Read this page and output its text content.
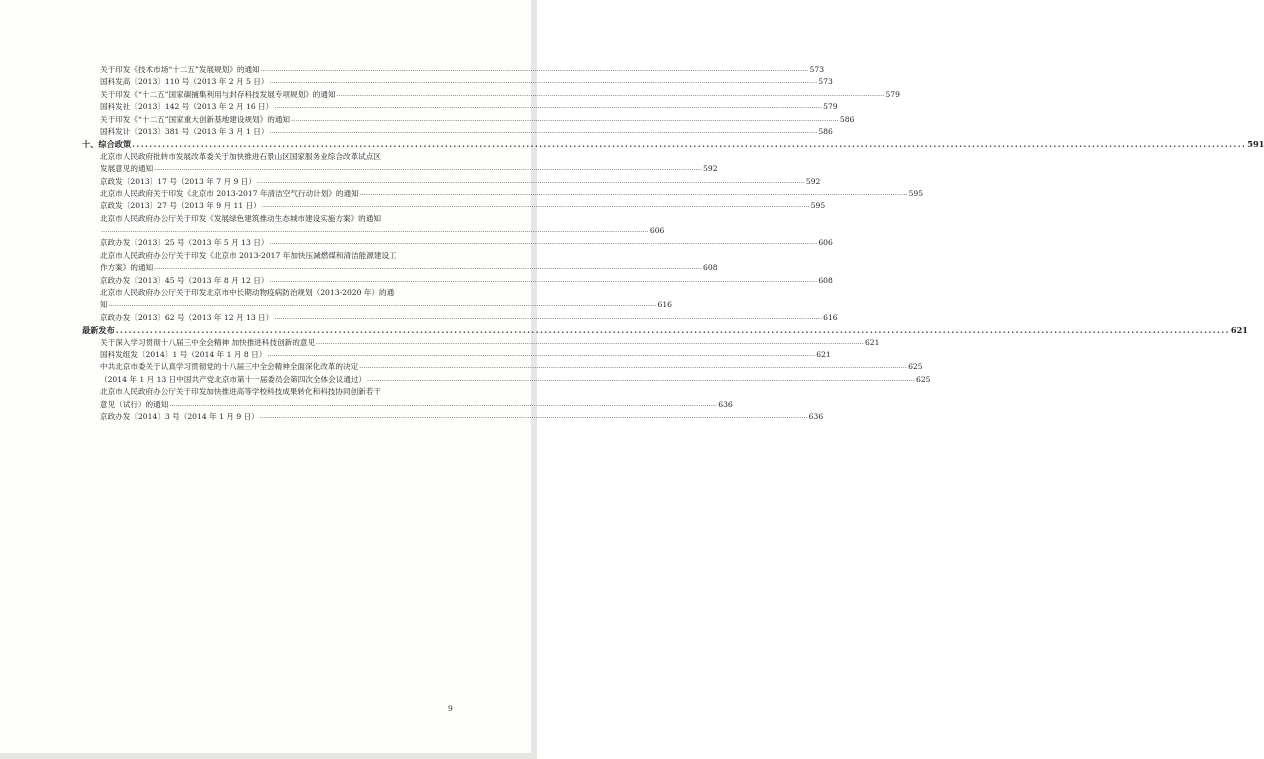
关于印发《技术市场“十二五”发展规划》的通知 .................................................................................................................................................................................................................................................................... 573
国科发高〔2013〕110 号（2013 年 2 月 5 日） .................................................................................................................................................................................................................................................................... 573
关于印发《“十二五”国家碳捕集利用与封存科技发展专项规划》的通知 .................................................................................................................................................................................................................................................................... 579
国科发社〔2013〕142 号（2013 年 2 月 16 日） .................................................................................................................................................................................................................................................................... 579
关于印发《“十二五”国家重大创新基地建设规划》的通知 .................................................................................................................................................................................................................................................................... 586
国科发计〔2013〕381 号（2013 年 3 月 1 日） .................................................................................................................................................................................................................................................................... 586
十、综合政策 .................................................................................................................................................................................................................................................................... 591
北京市人民政府批转市发展改革委关于加快推进石景山区国家服务业综合改革试点区
发展意见的通知 .................................................................................................................................................................................................................................................................... 592
京政发〔2013〕17 号（2013 年 7 月 9 日） .................................................................................................................................................................................................................................................................... 592
北京市人民政府关于印发《北京市 2013-2017 年清洁空气行动计划》的通知 .................................................................................................................................................................................................................................................................... 595
京政发〔2013〕27 号（2013 年 9 月 11 日） .................................................................................................................................................................................................................................................................... 595
北京市人民政府办公厅关于印发《发展绿色建筑推动生态城市建设实施方案》的通知
.................................................................................................................................................................................................................................................................... 606
京政办发〔2013〕25 号（2013 年 5 月 13 日） .................................................................................................................................................................................................................................................................... 606
北京市人民政府办公厅关于印发《北京市 2013-2017 年加快压减燃煤和清洁能源建设工
作方案》的通知 .................................................................................................................................................................................................................................................................... 608
京政办发〔2013〕45 号（2013 年 8 月 12 日） .................................................................................................................................................................................................................................................................... 608
北京市人民政府办公厅关于印发北京市中长期动物疫病防治规划（2013-2020 年）的通
知 .................................................................................................................................................................................................................................................................... 616
京政办发〔2013〕62 号（2013 年 12 月 13 日） .................................................................................................................................................................................................................................................................... 616
最新发布 .................................................................................................................................................................................................................................................................... 621
关于深入学习贯彻十八届三中全会精神 加快推进科技创新的意见 .................................................................................................................................................................................................................................................................... 621
国科发组发〔2014〕1 号（2014 年 1 月 8 日） .................................................................................................................................................................................................................................................................... 621
中共北京市委关于认真学习贯彻党的十八届三中全会精神全面深化改革的决定 .................................................................................................................................................................................................................................................................... 625
（2014 年 1 月 13 日中国共产党北京市第十一届委员会第四次全体会议通过） .................................................................................................................................................................................................................................................................... 625
北京市人民政府办公厅关于印发加快推进高等学校科技成果转化和科技协同创新若干
意见（试行）的通知 .................................................................................................................................................................................................................................................................... 636
京政办发〔2014〕3 号（2014 年 1 月 9 日） .................................................................................................................................................................................................................................................................... 636
9
